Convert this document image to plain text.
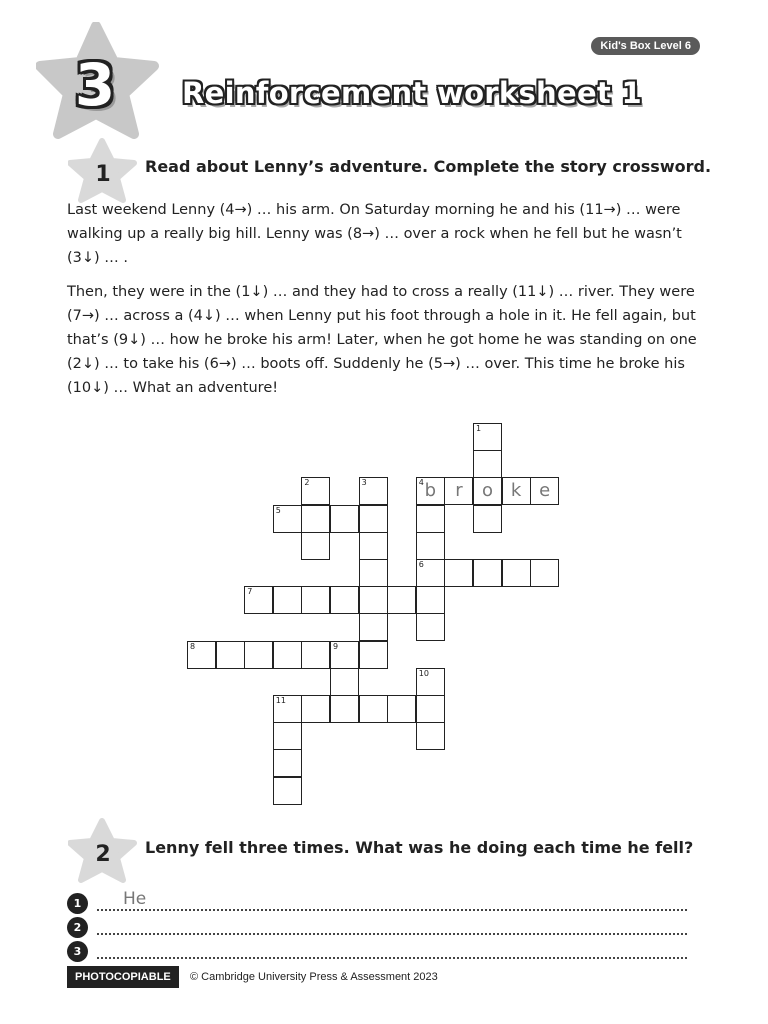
Kid's Box Level 6
3	Reinforcement worksheet 1
1	Read about Lenny’s adventure. Complete the story crossword.
Last weekend Lenny (4→) … his arm. On Saturday morning he and his (11→) … were walking up a really big hill. Lenny was (8→) … over a rock when he fell but he wasn’t (3↓) … .
Then, they were in the (1↓) … and they had to cross a really (11↓) … river. They were (7→) … across a (4↓) … when Lenny put his foot through a hole in it. He fell again, but that’s (9↓) … how he broke his arm! Later, when he got home he was standing on one (2↓) … to take his (6→) … boots off. Suddenly he (5→) … over. This time he broke his (10↓) … What an adventure!
1
o
4 b	r	k e
5
2	3
6
7
8	9
10
11
2	Lenny fell three times. What was he doing each time he fell?
1	He
2
3
PHOTOCOPIABLE	© Cambridge University Press & Assessment 2023
